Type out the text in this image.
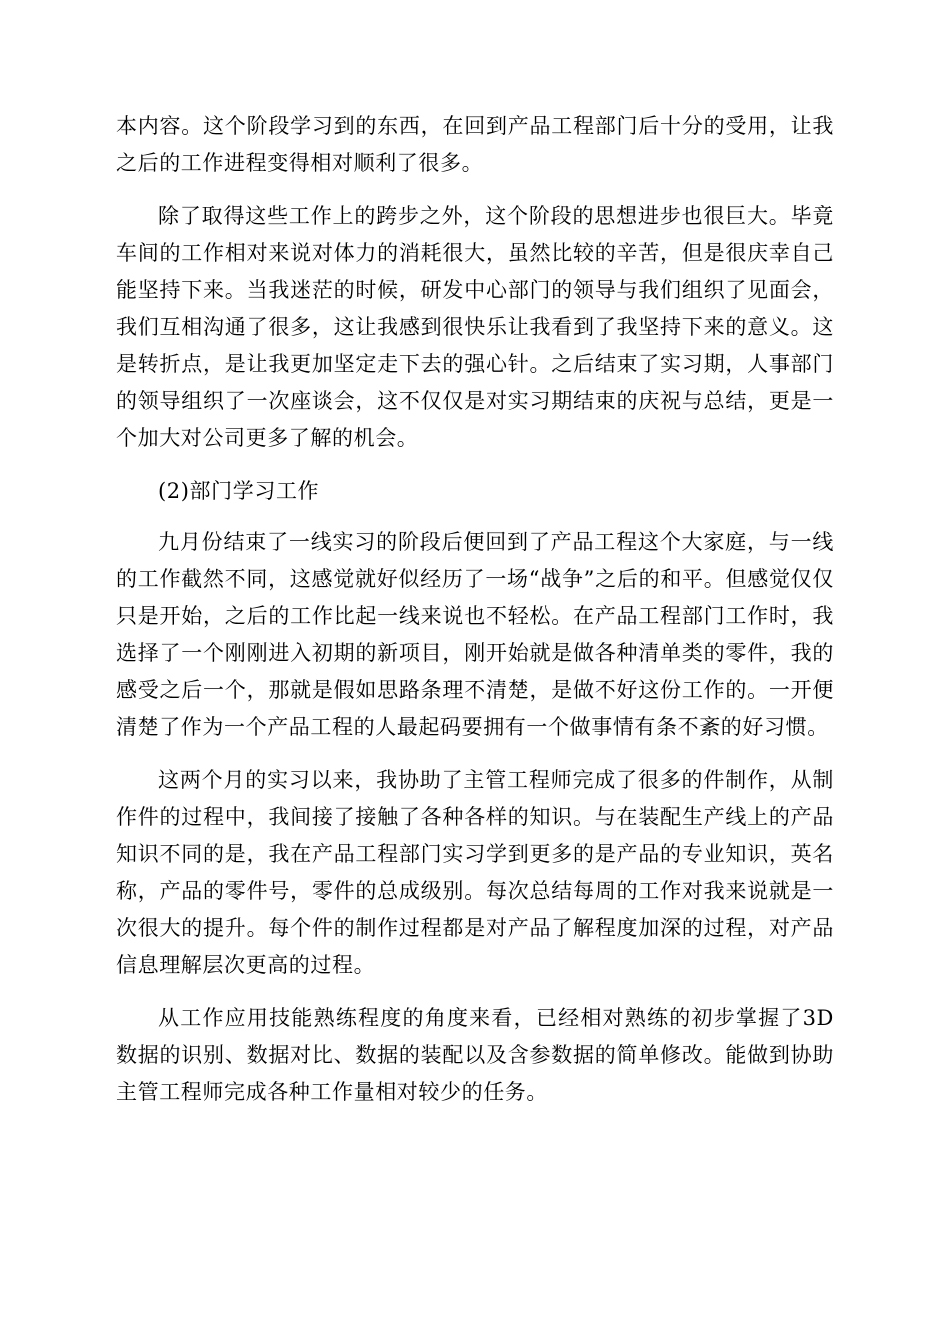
本内容。这个阶段学习到的东西，在回到产品工程部门后十分的受用，让我之后的工作进程变得相对顺利了很多。

除了取得这些工作上的跨步之外，这个阶段的思想进步也很巨大。毕竟车间的工作相对来说对体力的消耗很大，虽然比较的辛苦，但是很庆幸自己能坚持下来。当我迷茫的时候，研发中心部门的领导与我们组织了见面会，我们互相沟通了很多，这让我感到很快乐让我看到了我坚持下来的意义。这是转折点，是让我更加坚定走下去的强心针。之后结束了实习期，人事部门的领导组织了一次座谈会，这不仅仅是对实习期结束的庆祝与总结，更是一个加大对公司更多了解的机会。

(2)部门学习工作

九月份结束了一线实习的阶段后便回到了产品工程这个大家庭，与一线的工作截然不同，这感觉就好似经历了一场“战争”之后的和平。但感觉仅仅只是开始，之后的工作比起一线来说也不轻松。在产品工程部门工作时，我选择了一个刚刚进入初期的新项目，刚开始就是做各种清单类的零件，我的感受之后一个，那就是假如思路条理不清楚，是做不好这份工作的。一开便清楚了作为一个产品工程的人最起码要拥有一个做事情有条不紊的好习惯。

这两个月的实习以来，我协助了主管工程师完成了很多的件制作，从制作件的过程中，我间接了接触了各种各样的知识。与在装配生产线上的产品知识不同的是，我在产品工程部门实习学到更多的是产品的专业知识，英名称，产品的零件号，零件的总成级别。每次总结每周的工作对我来说就是一次很大的提升。每个件的制作过程都是对产品了解程度加深的过程，对产品信息理解层次更高的过程。

从工作应用技能熟练程度的角度来看，已经相对熟练的初步掌握了3D数据的识别、数据对比、数据的装配以及含参数据的简单修改。能做到协助主管工程师完成各种工作量相对较少的任务。
